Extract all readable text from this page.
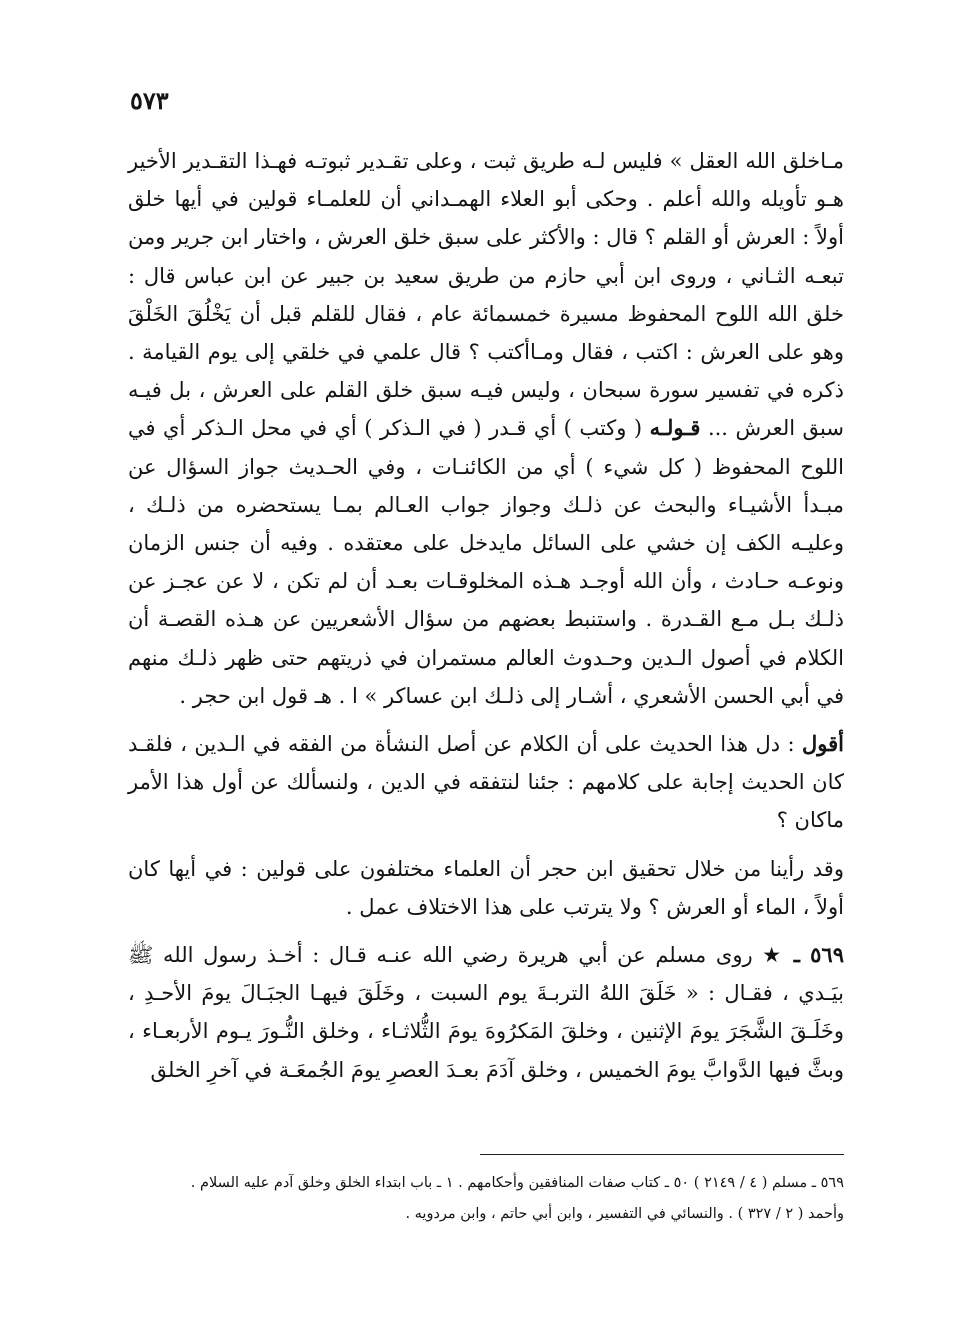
٥٧٣

مـاخلق الله العقل » فليس لـه طريق ثبت ، وعلى تقـدير ثبوتـه فهـذا التقـدير الأخير هـو تأويله والله أعلم . وحكى أبو العلاء الهمـداني أن للعلمـاء قولين في أيها خلق أولاً : العرش أو القلم ؟ قال : والأكثر على سبق خلق العرش ، واختار ابن جرير ومن تبعـه الثـاني ، وروى ابن أبي حازم من طريق سعيد بن جبير عن ابن عباس قال : خلق الله اللوح المحفوظ مسيرة خمسمائة عام ، فقال للقلم قبل أن يَخْلُقَ الخَلْقَ وهو على العرش : اكتب ، فقال ومـاأكتب ؟ قال علمي في خلقي إلى يوم القيامة . ذكره في تفسير سورة سبحان ، وليس فيـه سبق خلق القلم على العرش ، بل فيـه سبق العرش ... قـولـه ( وكتب ) أي قـدر ( في الـذكر ) أي في محل الـذكر أي في اللوح المحفوظ ( كل شيء ) أي من الكائنـات ، وفي الحـديث جواز السؤال عن مبـدأ الأشيـاء والبحث عن ذلـك وجواز جواب العـالم بمـا يستحضره من ذلـك ، وعليـه الكف إن خشي على السائل مايدخل على معتقده . وفيه أن جنس الزمان ونوعـه حـادث ، وأن الله أوجـد هـذه المخلوقـات بعـد أن لم تكن ، لا عن عجـز عن ذلـك بـل مـع القـدرة . واستنبط بعضهم من سؤال الأشعريين عن هـذه القصـة أن الكلام في أصول الـدين وحـدوث العالم مستمران في ذريتهم حتى ظهر ذلـك منهم في أبي الحسن الأشعري ، أشـار إلى ذلـك ابن عساكر » ا . هـ قول ابن حجر .

أقول : دل هذا الحديث على أن الكلام عن أصل النشأة من الفقه في الـدين ، فلقـد كان الحديث إجابة على كلامهم : جئنا لنتفقه في الدين ، ولنسألك عن أول هذا الأمر ماكان ؟

وقد رأينا من خلال تحقيق ابن حجر أن العلماء مختلفون على قولين : في أيها كان أولاً ، الماء أو العرش ؟ ولا يترتب على هذا الاختلاف عمل .

٥٦٩ ـ ★ روى مسلم عن أبي هريرة رضي الله عنـه قـال : أخـذ رسول الله ﷺ بيَـدي ، فقـال : « خَلَقَ اللهُ التربـةَ يوم السبت ، وخَلَقَ فيهـا الجبَـالَ يومَ الأحـدِ ، وخَلَـقَ الشَّجَرَ يومَ الإثنين ، وخلقَ المَكرُوهَ يومَ الثُّلاثـاء ، وخلق النُّـورَ يـوم الأربعـاء ، وبثَّ فيها الدَّوابَّ يومَ الخميس ، وخلق آدَمَ بعـدَ العصرِ يومَ الجُمعَـة في آخرِ الخلق

٥٦٩ ـ مسلم ( ٤ / ٢١٤٩ ) ٥٠ ـ كتاب صفات المنافقين وأحكامهم . ١ ـ باب ابتداء الخلق وخلق آدم عليه السلام .
وأحمد ( ٢ / ٣٢٧ ) . والنسائي في التفسير ، وابن أبي حاتم ، وابن مردويه .
